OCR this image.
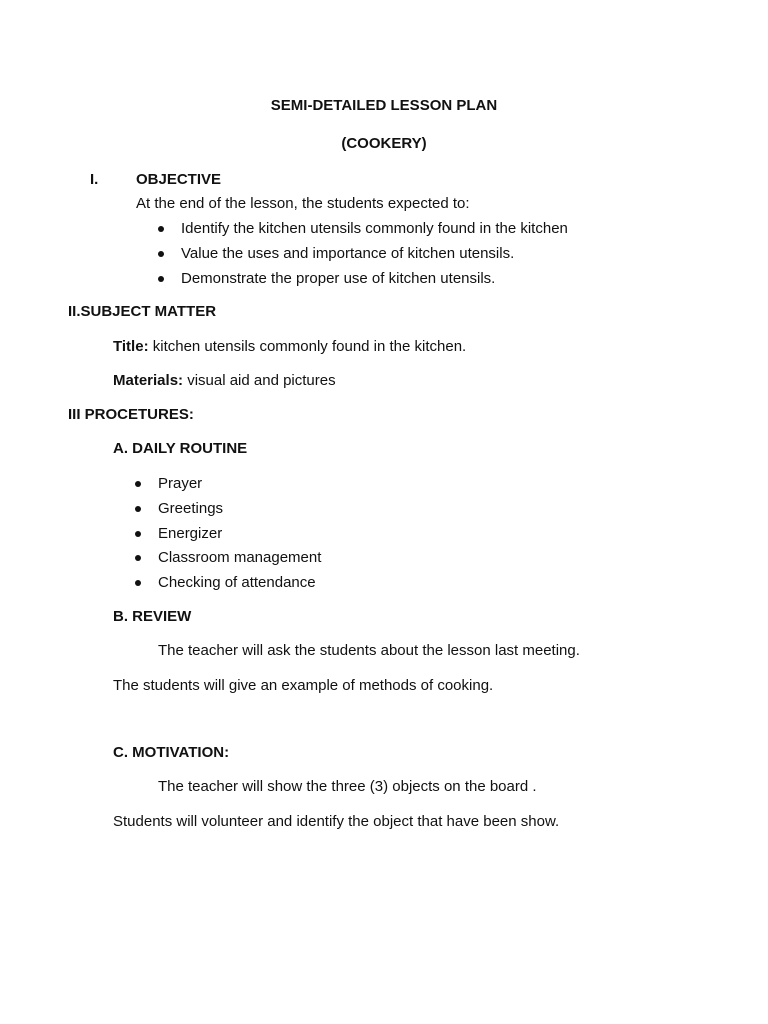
SEMI-DETAILED LESSON PLAN
(COOKERY)
I.	OBJECTIVE
At the end of the lesson, the students expected to:
Identify the kitchen utensils commonly found in the kitchen
Value the uses and importance of kitchen utensils.
Demonstrate the proper use of kitchen utensils.
II.SUBJECT MATTER
Title: kitchen utensils commonly found in the kitchen.
Materials: visual aid and pictures
III PROCETURES:
A. DAILY ROUTINE
Prayer
Greetings
Energizer
Classroom management
Checking of attendance
B. REVIEW
The teacher will ask the students about the lesson last meeting.
The students will give an example of methods of cooking.
C. MOTIVATION:
The teacher will show the three (3) objects on the board .
Students will volunteer and identify the object that have been show.
